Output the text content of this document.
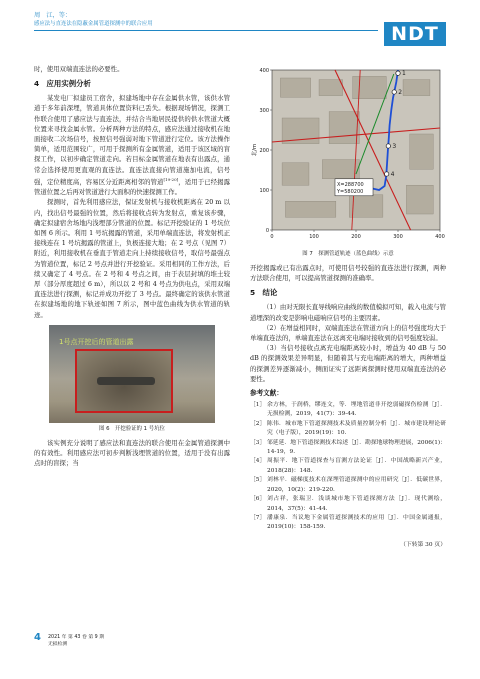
周　江，等：
感应法与直连法在隐蔽金属管道探测中的联合应用	NDT

时，使用双端直连法的必要性。

4　应用实例分析

某发电厂拟建员工宿舍，拟建场地中存在金属供水管，该供水管道于多年前深埋，管道具体位置资料已丢失。根据现场情况，探测工作联合使用了感应法与直连法，并结合当地居民提供的供水管道大概位置来寻找金属水管。分析两种方法的特点，感应法通过接收机在地面接收二次场信号，按照信号强弱对地下管道进行定位。该方法操作简单，适用范围较广，可用于探测所有金属管道，适用于该区域的盲探工作，以初步确定管道走向。若目标金属管道在地表有出露点，通常会选择使用更直观的直连法。直连法直接向管道施加电流，信号强，定位精度高，容易区分近距离相邻的管道[19-20]，适用于已经揭露管道位置之后再对管道进行大面积的快速探测工作。

探测时，首先利用感应法，保证发射机与接收机距离在 20 m 以内，找出信号最强的位置，然后将接收点转为发射点，重复该步骤，确定拟建宿舍场地内浅埋部分管道的位置。标记开挖验证的 1 号坑位如图 6 所示。利用 1 号坑揭露的管道，采用单端直连法，将发射机正接线连在 1 号坑揭露的管道上，负极连接大地；在 2 号点（见图 7）附近，利用接收机在垂直于管道走向上持续接收信号，取信号最强点为管道位置，标记 2 号点并进行开挖验证。采用相同的工作方法，后续又确定了 4 号点。在 2 号和 4 号点之间，由于表层封填的堆土较厚（部分厚度超过 6 m），所以以 2 号和 4 号点为供电点，采用双端直连法进行探测，标记并成功开挖了 3 号点。最终确定的该供水管道在拟建场地的地下轨迹如图 7 所示，图中蓝色曲线为供水管道的轨迹。

1号点开挖后的管道出露
图 6　开挖验证的 1 号坑位

该实例充分说明了感应法和直连法的联合使用在金属管道探测中的有效性。利用感应法可初步判断浅埋管道的位置，适用于没有出露点时的盲探；当

1
2
3
4
X=288700
Y=580200
0
100
200
300
400
0	100	200	300	400
北/m
图 7　探测管道轨迹（蓝色曲线）示意

开挖揭露或已有出露点时，可使用信号较强的直连法进行探测，两种方法联合使用，可以提高管道探测的准确率。

5　结论

（1）由对无限长直导线响应曲线的数值模拟可知，载入电流与管道埋深的改变是影响电磁响应信号的主要因素。

（2）在增益相同时，双端直连法在管道方向上的信号强度均大于单端直连法的，单端直连法在远离充电端时接收到的信号强度较弱。

（3）当信号接收点离充电端距离较小时，增益为 40 dB 与 50 dB 的探测效果差异明显，但随着其与充电端距离的增大，两种增益的探测差异逐渐减小，侧面证实了远距离探测时使用双端直连法的必要性。

参考文献：
［1］ 余方林，于润桥，缪连文，等．埋地管道非开挖弱磁探伤检测［J］．无损检测，2019，41(7)：39-44.
［2］ 陈伟．城市地下管道探测技术及质量控制分析［J］．城市建设理论研究（电子版），2019(19)：10.
［3］ 邹延延．地下管道探测技术综述［J］．勘探地球物理进展，2006(1)：14-19，9.
［4］ 周振平．地下管道探查与盲测方法论证［J］．中国战略新兴产业，2018(28)：148.
［5］ 刘林平．磁梯度技术在深埋管道探测中的应用研究［J］．低碳世界，2020，10(2)：219-220.
［6］ 刘占祥，张瑞卫．浅谈城市地下管道探测方法［J］．现代测绘，2014，37(5)：41-44.
［7］ 潘康泉．当议地下金属管道探测技术的应用［J］．中国金属通报，2019(10)：158-159.
（下转第 30 页）
4 2021 年 第 43 卷 第 9 期
无损检测
